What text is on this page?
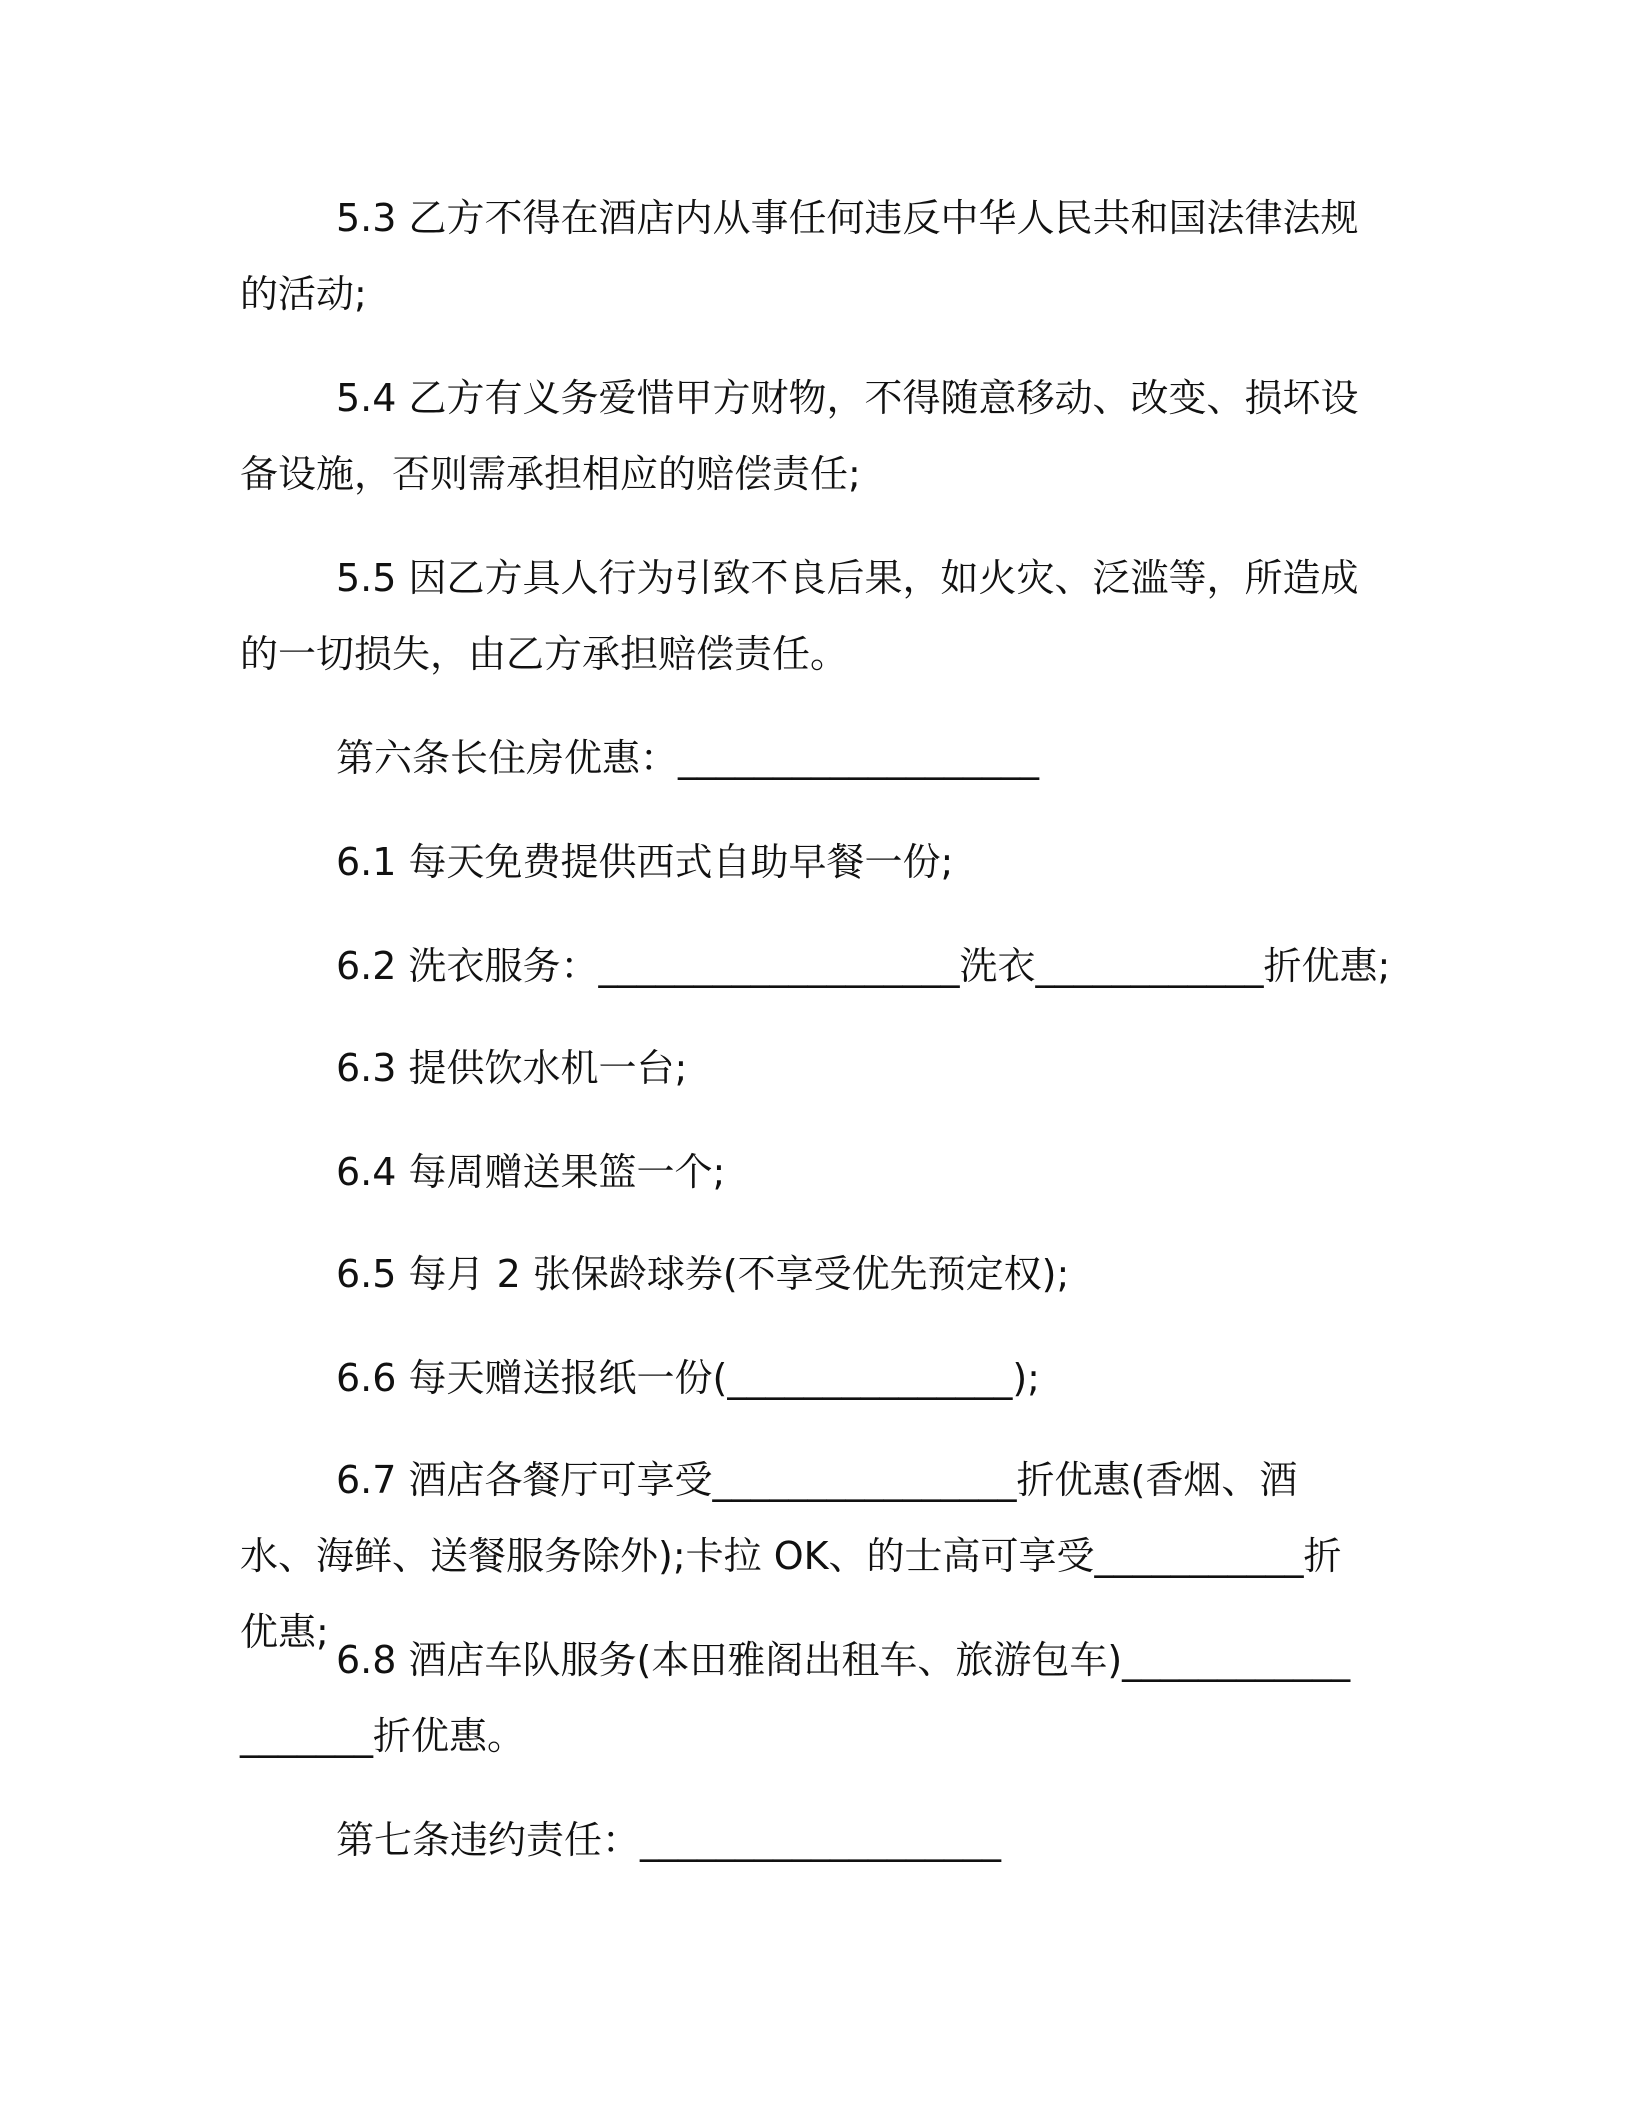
5.3 乙方不得在酒店内从事任何违反中华人民共和国法律法规的活动;

5.4 乙方有义务爱惜甲方财物，不得随意移动、改变、损坏设备设施，否则需承担相应的赔偿责任;

5.5 因乙方具人行为引致不良后果，如火灾、泛滥等，所造成的一切损失，由乙方承担赔偿责任。

第六条长住房优惠：___________________

6.1 每天免费提供西式自助早餐一份;

6.2 洗衣服务：___________________洗衣____________折优惠;

6.3 提供饮水机一台;

6.4 每周赠送果篮一个;

6.5 每月 2 张保龄球券(不享受优先预定权);

6.6 每天赠送报纸一份(_______________);

6.7 酒店各餐厅可享受________________折优惠(香烟、酒水、海鲜、送餐服务除外);卡拉 OK、的士高可享受___________折优惠;

6.8 酒店车队服务(本田雅阁出租车、旅游包车)___________________折优惠。

第七条违约责任：___________________
